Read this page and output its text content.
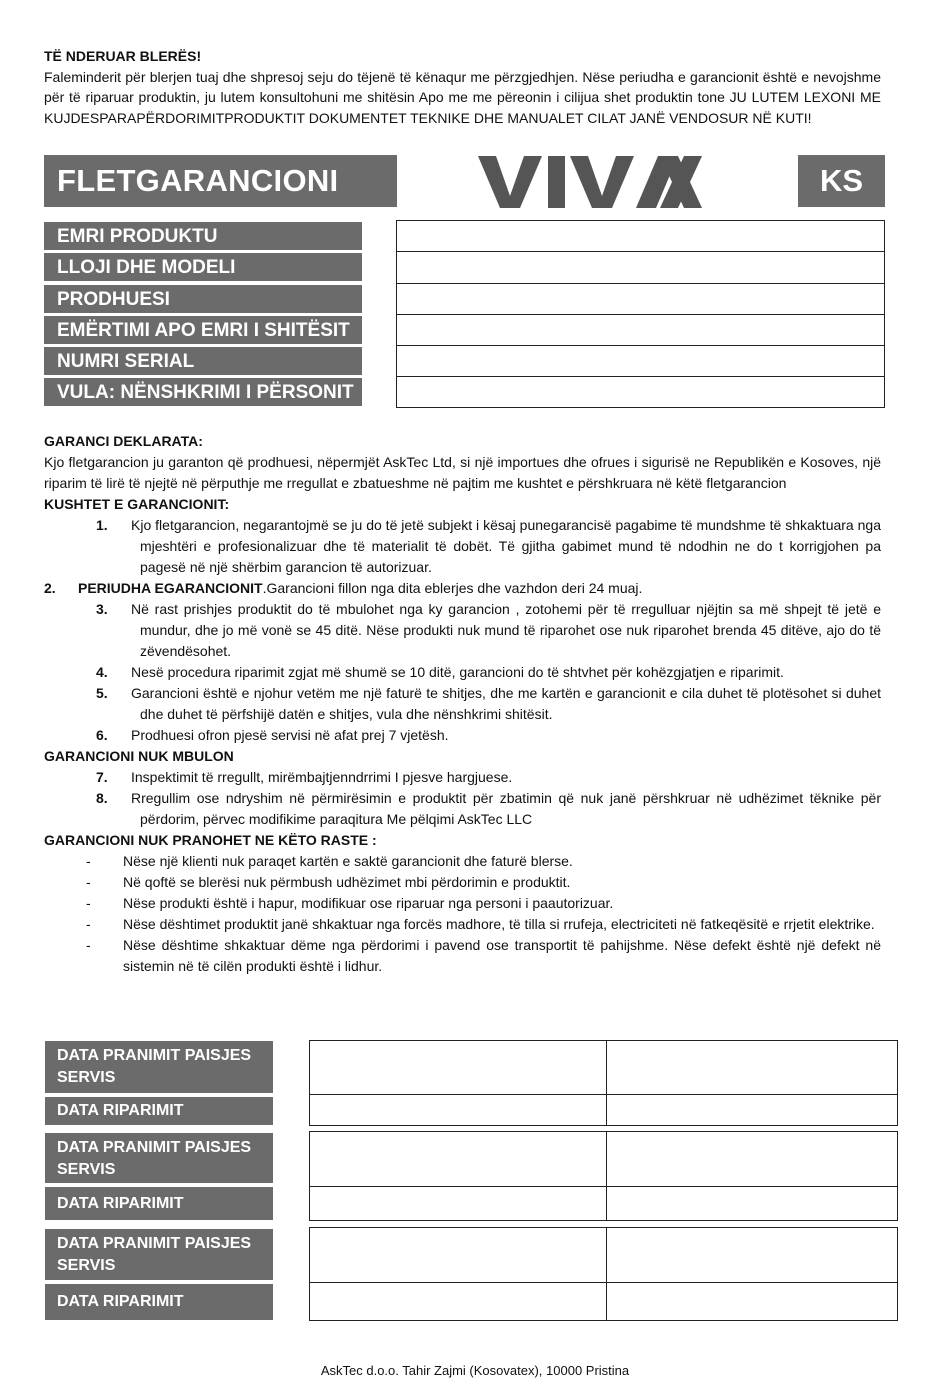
TË NDERUAR BLERËS!

Faleminderit për blerjen tuaj dhe shpresoj seju do tëjenë të kënaqur me përzgjedhjen. Nëse periudha e garancionit është e nevojshme për të riparuar produktin, ju lutem konsultohuni me shitësin Apo me me përeonin i cilijua shet produktin tone JU LUTEM LEXONI ME KUJDESPARAPËRDORIMITPRODUKTIT DOKUMENTET TEKNIKE DHE MANUALET CILAT JANË VENDOSUR NË KUTI!

FLETGARANCIONI
VIVAX
KS
EMRI PRODUKTU
LLOJI DHE MODELI
PRODHUESI
EMËRTIMI APO EMRI I SHITËSIT
NUMRI SERIAL
VULA: NËNSHKRIMI I PËRSONIT
GARANCI DEKLARATA:

Kjo fletgarancion ju garanton që prodhuesi, nëpermjët AskTec Ltd, si një importues dhe ofrues i sigurisë ne Republikën e Kosoves, një riparim të lirë të njejtë në përputhje me rregullat e zbatueshme në pajtim me kushtet e përshkruara në këtë fletgarancion

KUSHTET E GARANCIONIT:
1. Kjo fletgarancion, negarantojmë se ju do të jetë subjekt i kësaj punegarancisë pagabime të mundshme të shkaktuara nga mjeshtëri e profesionalizuar dhe të materialit të dobët. Të gjitha gabimet mund të ndodhin ne do t korrigjohen pa pagesë në një shërbim garancion të autorizuar.
2. PERIUDHA EGARANCIONIT.Garancioni fillon nga dita eblerjes dhe vazhdon deri 24 muaj.
3. Në rast prishjes produktit do të mbulohet nga ky garancion , zotohemi për të rregulluar njëjtin sa më shpejt të jetë e mundur, dhe jo më vonë se 45 ditë. Nëse produkti nuk mund të riparohet ose nuk riparohet brenda 45 ditëve, ajo do të zëvendësohet.
4. Nesë procedura riparimit zgjat më shumë se 10 ditë, garancioni do të shtvhet për kohëzgjatjen e riparimit.
5. Garancioni është e njohur vetëm me një faturë te shitjes, dhe me kartën e garancionit e cila duhet të plotësohet si duhet dhe duhet të përfshijë datën e shitjes, vula dhe nënshkrimi shitësit.
6. Prodhuesi ofron pjesë servisi në afat prej 7 vjetësh.
GARANCIONI NUK MBULON
7. Inspektimit të rregullt, mirëmbajtjenndrrimi I pjesve hargjuese.
8. Rregullim ose ndryshim në përmirësimin e produktit për zbatimin që nuk janë përshkruar në udhëzimet tëknike për përdorim, përvec modifikime paraqitura Me pëlqimi AskTec LLC
GARANCIONI NUK PRANOHET NE KËTO RASTE :
- Nëse një klienti nuk paraqet kartën e saktë garancionit dhe faturë blerse.
- Në qoftë se blerësi nuk përmbush udhëzimet mbi përdorimin e produktit.
- Nëse produkti është i hapur, modifikuar ose riparuar nga personi i paautorizuar.
- Nëse dështimet produktit janë shkaktuar nga forcës madhore, të tilla si rrufeja, electriciteti në fatkeqësitë e rrjetit elektrike.
- Nëse dështime shkaktuar dëme nga përdorimi i pavend ose transportit të pahijshme. Nëse defekt është një defekt në sistemin në të cilën produkti është i lidhur.
DATA PRANIMIT PAISJES SERVIS
DATA RIPARIMIT
DATA PRANIMIT PAISJES SERVIS
DATA RIPARIMIT
DATA PRANIMIT PAISJES SERVIS
DATA RIPARIMIT
AskTec d.o.o. Tahir Zajmi (Kosovatex), 10000 Pristina
